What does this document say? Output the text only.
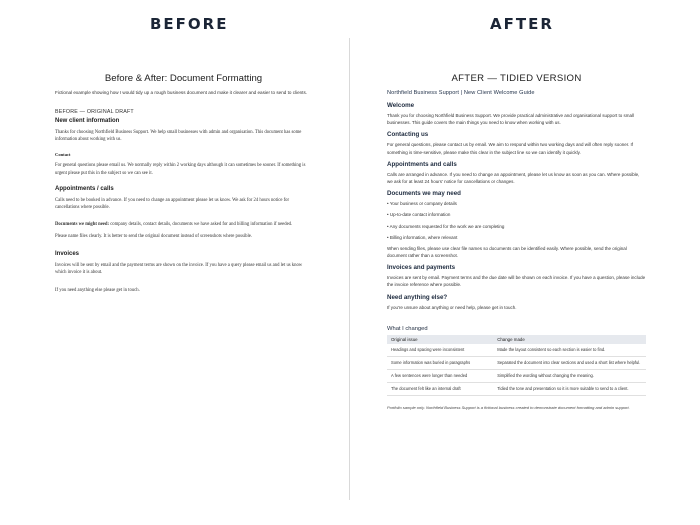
BEFORE	AFTER
Before & After: Document Formatting
Fictional example showing how I would tidy up a rough business document and make it clearer and easier to send to clients.
BEFORE — ORIGINAL DRAFT
New client information
Thanks for choosing Northfield Business Support. We help small businesses with admin and organisation. This document has some information about working with us.
Contact
For general questions please email us. We normally reply within 2 working days although it can sometimes be sooner. If something is urgent please put this in the subject so we can see it.
Appointments / calls
Calls need to be booked in advance. If you need to change an appointment please let us know. We ask for 24 hours notice for cancellations where possible.
Documents we might need: company details, contact details, documents we have asked for and billing information if needed.
Please name files clearly. It is better to send the original document instead of screenshots where possible.
Invoices
Invoices will be sent by email and the payment terms are shown on the invoice. If you have a query please email us and let us know which invoice it is about.
If you need anything else please get in touch.
AFTER — TIDIED VERSION
Northfield Business Support | New Client Welcome Guide
Welcome
Thank you for choosing Northfield Business Support. We provide practical administrative and organisational support to small businesses. This guide covers the main things you need to know when working with us.
Contacting us
For general questions, please contact us by email. We aim to respond within two working days and will often reply sooner. If something is time-sensitive, please make this clear in the subject line so we can identify it quickly.
Appointments and calls
Calls are arranged in advance. If you need to change an appointment, please let us know as soon as you can. Where possible, we ask for at least 24 hours' notice for cancellations or changes.
Documents we may need
• Your business or company details
• Up-to-date contact information
• Any documents requested for the work we are completing
• Billing information, where relevant
When sending files, please use clear file names so documents can be identified easily. Where possible, send the original document rather than a screenshot.
Invoices and payments
Invoices are sent by email. Payment terms and the due date will be shown on each invoice. If you have a question, please include the invoice reference where possible.
Need anything else?
If you're unsure about anything or need help, please get in touch.
What I changed
Original issue	Change made
Headings and spacing were inconsistent	Made the layout consistent so each section is easier to find.
Some information was buried in paragraphs	Separated the document into clear sections and used a short list where helpful.
A few sentences were longer than needed	Simplified the wording without changing the meaning.
The document felt like an internal draft	Tidied the tone and presentation so it is more suitable to send to a client.
Portfolio sample only. Northfield Business Support is a fictional business created to demonstrate document formatting and admin support.
